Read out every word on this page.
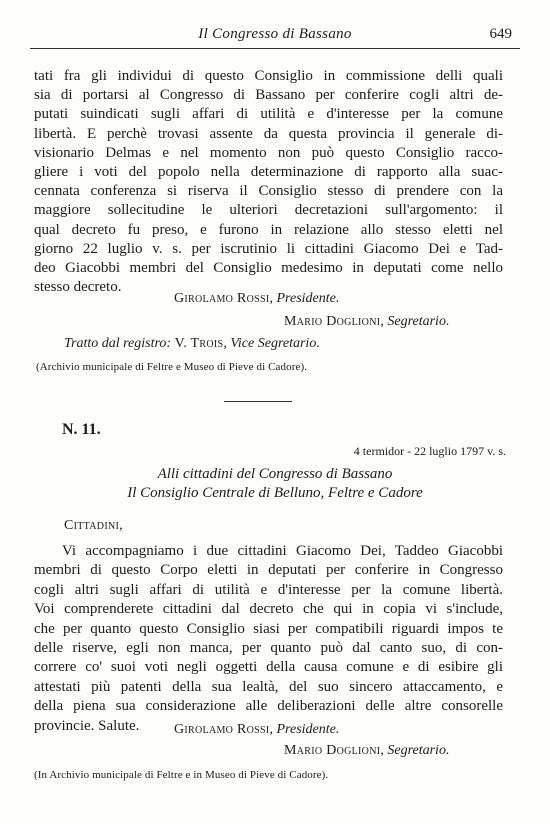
Il Congresso di Bassano	649
tati fra gli individui di questo Consiglio in commissione delli quali
sia di portarsi al Congresso di Bassano per conferire cogli altri de-
putati suindicati sugli affari di utilità e d'interesse per la comune
libertà. E perchè trovasi assente da questa provincia il generale di-
visionario Delmas e nel momento non può questo Consiglio racco-
gliere i voti del popolo nella determinazione di rapporto alla suac-
cennata conferenza si riserva il Consiglio stesso di prendere con la
maggiore sollecitudine le ulteriori decretazioni sull'argomento: il
qual decreto fu preso, e furono in relazione allo stesso eletti nel
giorno 22 luglio v. s. per iscrutinio li cittadini Giacomo Dei e Tad-
deo Giacobbi membri del Consiglio medesimo in deputati come nello
stesso decreto.
Girolamo Rossi, Presidente.
Mario Doglioni, Segretario.
Tratto dal registro: V. Trois, Vice Segretario.
(Archivio municipale di Feltre e Museo di Pieve di Cadore).
N. 11.
4 termidor - 22 luglio 1797 v. s.
Alli cittadini del Congresso di Bassano
Il Consiglio Centrale di Belluno, Feltre e Cadore
Cittadini,
Vi accompagniamo i due cittadini Giacomo Dei, Taddeo Giacobbi
membri di questo Corpo eletti in deputati per conferire in Congresso
cogli altri sugli affari di utilità e d'interesse per la comune libertà.
Voi comprenderete cittadini dal decreto che qui in copia vi s'include,
che per quanto questo Consiglio siasi per compatibili riguardi impos te
delle riserve, egli non manca, per quanto può dal canto suo, di con-
correre co' suoi voti negli oggetti della causa comune e di esibire gli
attestati più patenti della sua lealtà, del suo sincero attaccamento, e
della piena sua considerazione alle deliberazioni delle altre consorelle
provincie. Salute.	Girolamo Rossi, Presidente.
Mario Doglioni, Segretario.
(In Archivio municipale di Feltre e in Museo di Pieve di Cadore).
